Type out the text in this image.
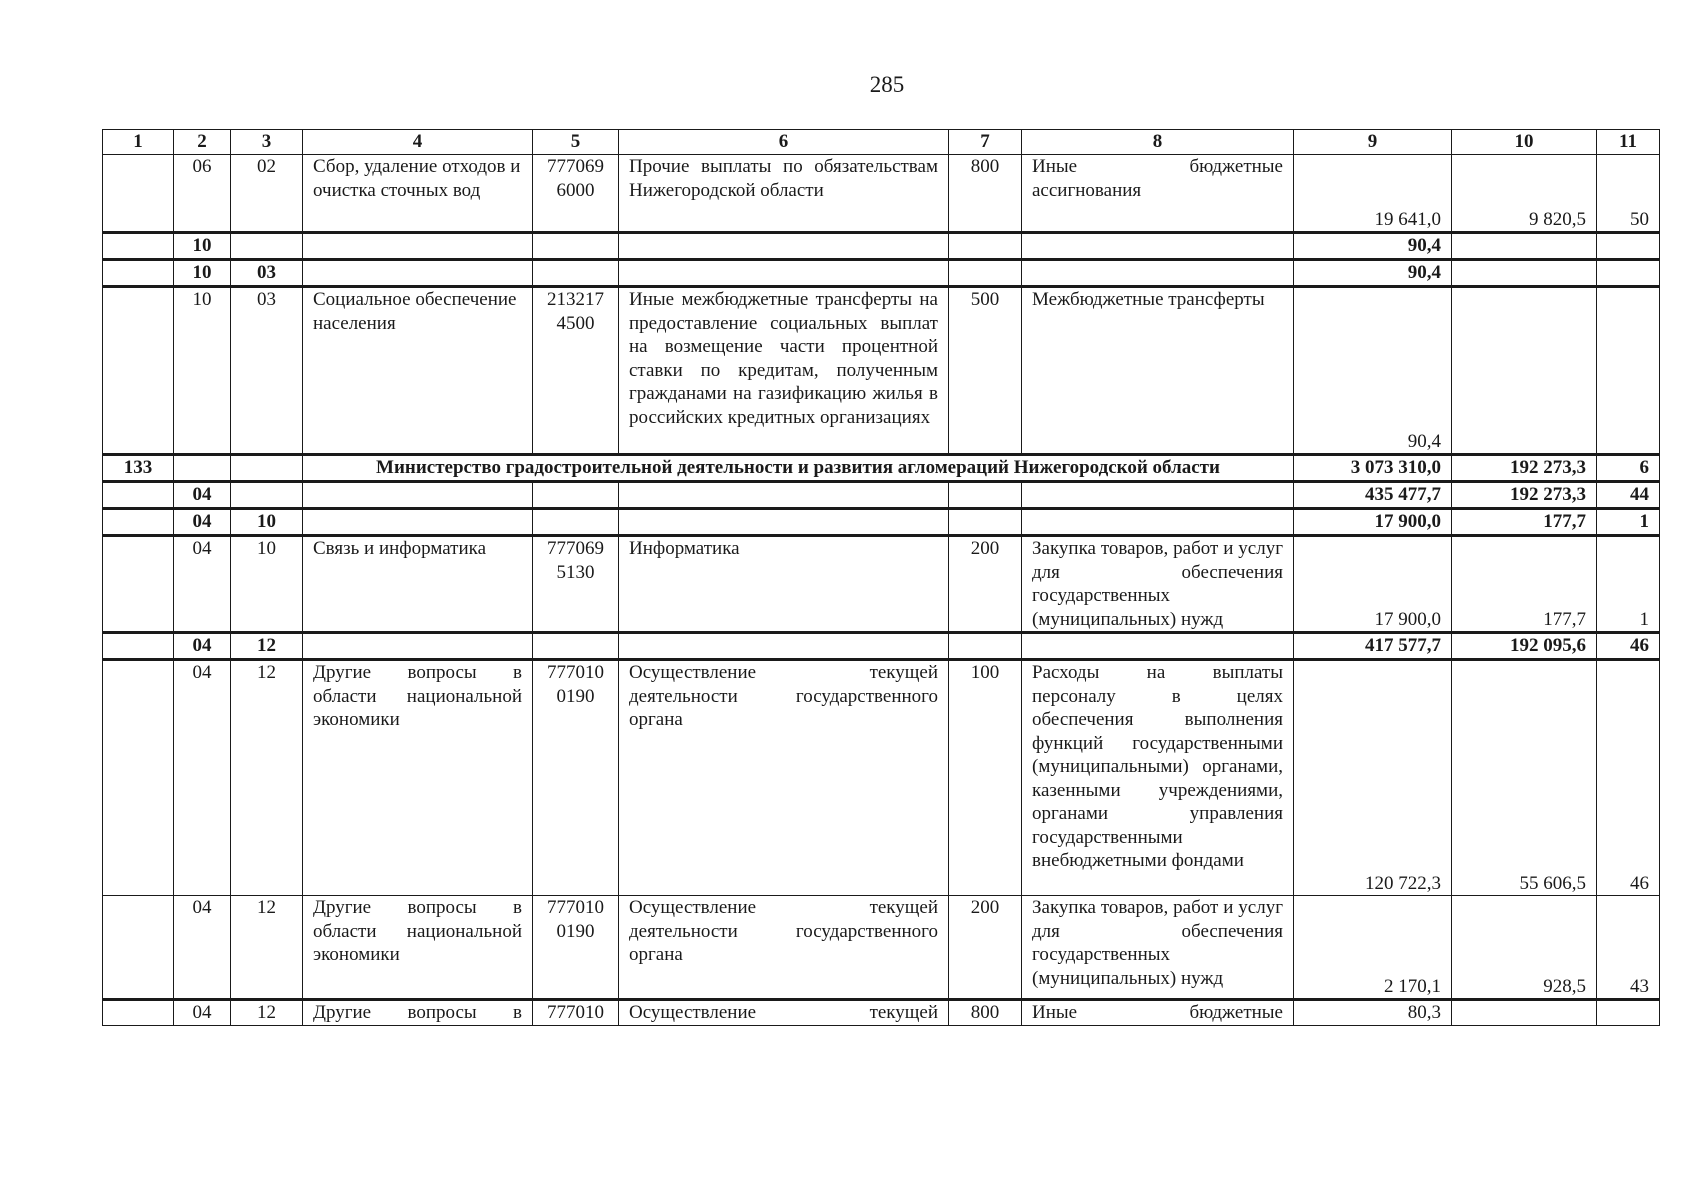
285
1	2	3	4	5	6	7	8	9	10	11
	06	02	Сбор, удаление отходов и очистка сточных вод	777069 6000	Прочие выплаты по обязательствам Нижегородской области	800	Иные бюджетные ассигнования	19 641,0	9 820,5	50
	10							90,4		
	10	03						90,4		
	10	03	Социальное обеспечение населения	213217 4500	Иные межбюджетные трансферты на предоставление социальных выплат на возмещение части процентной ставки по кредитам, полученным гражданами на газификацию жилья в российских кредитных организациях	500	Межбюджетные трансферты	90,4		
133			Министерство градостроительной деятельности и развития агломераций Нижегородской области					3 073 310,0	192 273,3	6
	04							435 477,7	192 273,3	44
	04	10						17 900,0	177,7	1
	04	10	Связь и информатика	777069 5130	Информатика	200	Закупка товаров, работ и услуг для обеспечения государственных (муниципальных) нужд	17 900,0	177,7	1
	04	12						417 577,7	192 095,6	46
	04	12	Другие вопросы в области национальной экономики	777010 0190	Осуществление текущей деятельности государственного органа	100	Расходы на выплаты персоналу в целях обеспечения выполнения функций государственными (муниципальными) органами, казенными учреждениями, органами управления государственными внебюджетными фондами	120 722,3	55 606,5	46
	04	12	Другие вопросы в области национальной экономики	777010 0190	Осуществление текущей деятельности государственного органа	200	Закупка товаров, работ и услуг для обеспечения государственных (муниципальных) нужд	2 170,1	928,5	43
	04	12	Другие вопросы в	777010	Осуществление текущей	800	Иные бюджетные	80,3		
